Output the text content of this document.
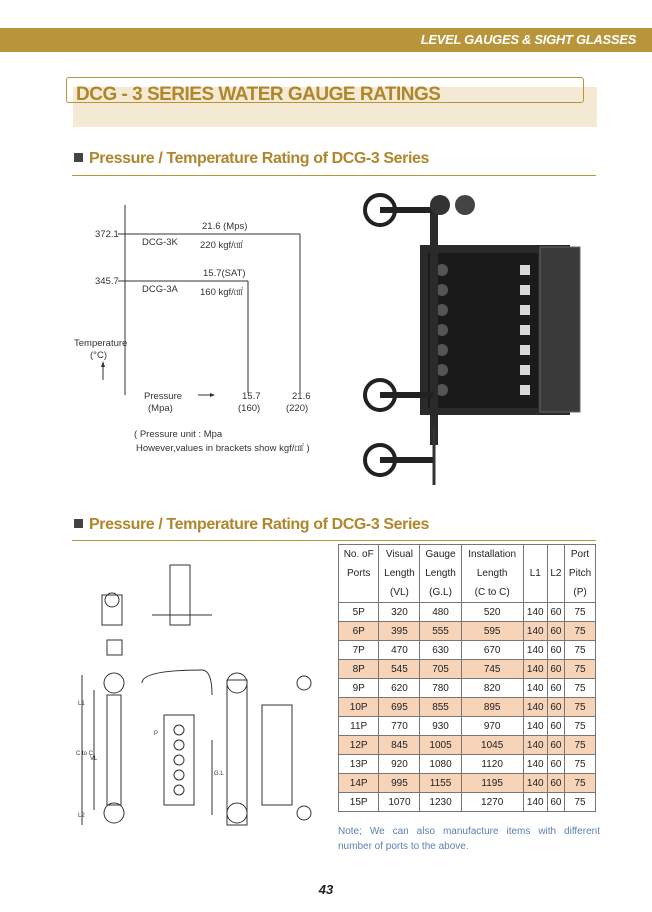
LEVEL GAUGES & SIGHT GLASSES
DCG - 3 SERIES WATER GAUGE RATINGS
Pressure / Temperature Rating of DCG-3 Series
372.1
345.7
21.6 (Mps)
DCG-3K 220 kgf/㎠
15.7(SAT)
DCG-3A 160 kgf/㎠
Temperature
(°C)
Pressure
(Mpa)
15.7
(160)
21.6
(220)
( Pressure unit : Mpa
However,values in brackets show kgf/㎠ )
Pressure / Temperature Rating of DCG-3 Series
L1
VL
C to C
P
G.L
L2
No. oF	Visual	Gauge	Installation			Port
Ports	Length	Length	Length	L1	L2	Pitch
	(VL)	(G.L)	(C to C)			(P)
5P	320	480	520	140	60	75
6P	395	555	595	140	60	75
7P	470	630	670	140	60	75
8P	545	705	745	140	60	75
9P	620	780	820	140	60	75
10P	695	855	895	140	60	75
11P	770	930	970	140	60	75
12P	845	1005	1045	140	60	75
13P	920	1080	1120	140	60	75
14P	995	1155	1195	140	60	75
15P	1070	1230	1270	140	60	75
Note; We can also manufacture items with different number of ports to the above.
43
